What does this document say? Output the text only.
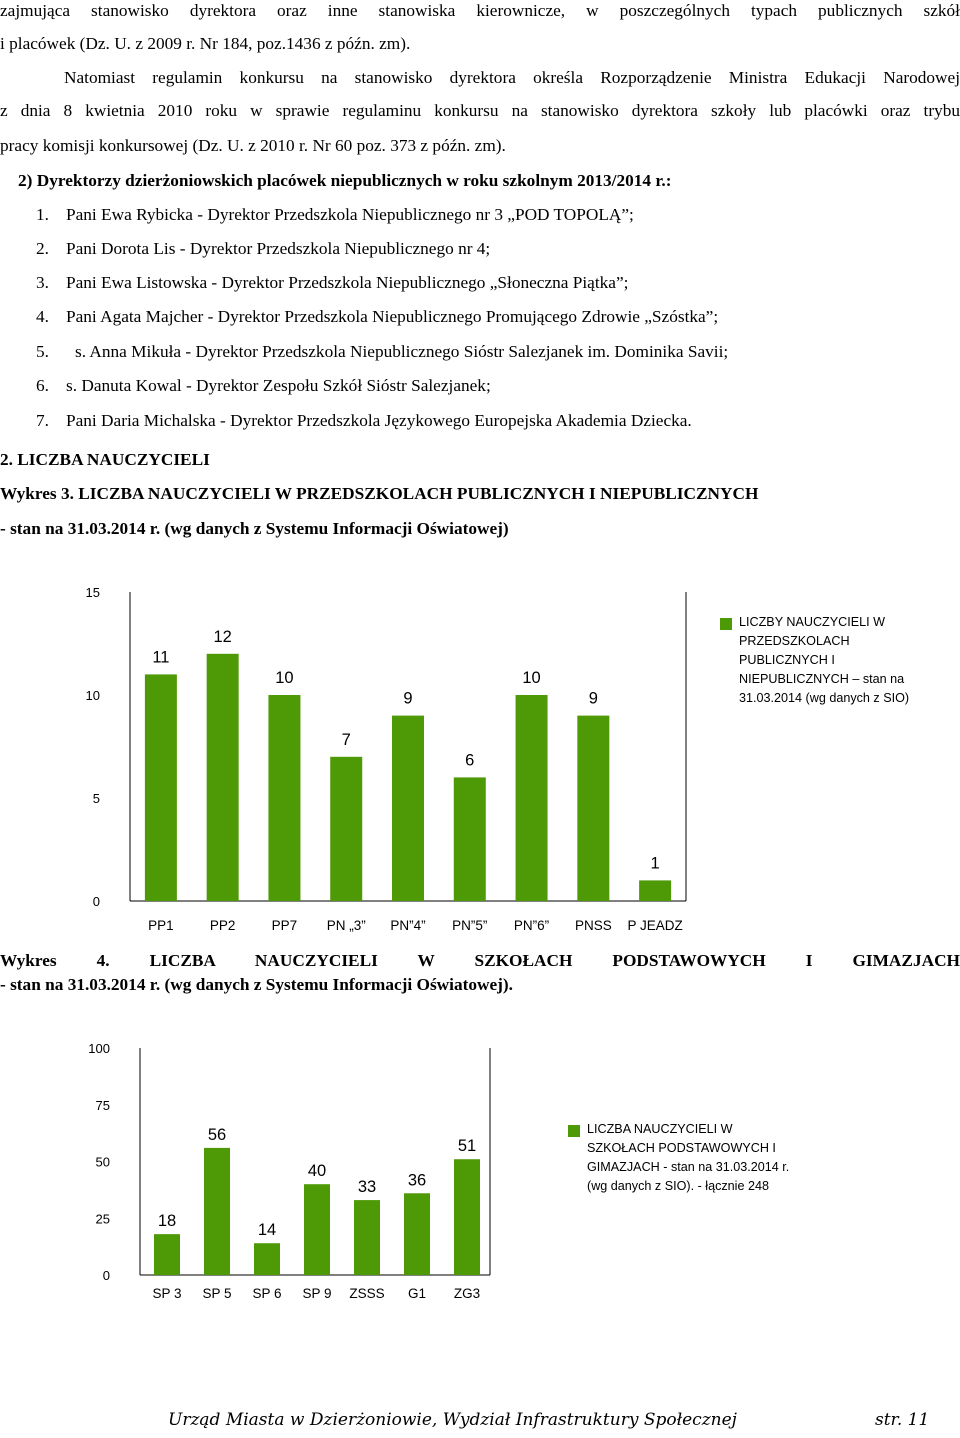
zajmująca stanowisko dyrektora oraz inne stanowiska kierownicze, w poszczególnych typach publicznych szkół
i placówek (Dz. U. z 2009 r. Nr 184, poz.1436 z późn. zm).
Natomiast regulamin konkursu na stanowisko dyrektora określa Rozporządzenie Ministra Edukacji Narodowej
z dnia 8 kwietnia 2010 roku w sprawie regulaminu konkursu na stanowisko dyrektora szkoły lub placówki oraz trybu
pracy komisji konkursowej (Dz. U. z 2010 r. Nr 60 poz. 373 z późn. zm).
2) Dyrektorzy dzierżoniowskich placówek niepublicznych w roku szkolnym 2013/2014 r.:
1. Pani Ewa Rybicka - Dyrektor Przedszkola Niepublicznego nr 3 „POD TOPOLĄ”;
2. Pani Dorota Lis - Dyrektor Przedszkola Niepublicznego nr 4;
3. Pani Ewa Listowska - Dyrektor Przedszkola Niepublicznego „Słoneczna Piątka”;
4. Pani Agata Majcher - Dyrektor Przedszkola Niepublicznego Promującego Zdrowie „Szóstka”;
5.	s. Anna Mikuła - Dyrektor Przedszkola Niepublicznego Sióstr Salezjanek im. Dominika Savii;
6. s. Danuta Kowal - Dyrektor Zespołu Szkół Sióstr Salezjanek;
7. Pani Daria Michalska - Dyrektor Przedszkola Językowego Europejska Akademia Dziecka.
2. LICZBA NAUCZYCIELI
Wykres 3. LICZBA NAUCZYCIELI W PRZEDSZKOLACH PUBLICZNYCH I NIEPUBLICZNYCH
- stan na 31.03.2014 r. (wg danych z Systemu Informacji Oświatowej)
0
5
10
15
11
PP1
12
PP2
10
PP7
7
PN „3”
9
PN”4”
6
PN”5”
10
PN”6”
9
PNSS
1
P JEADZ
LICZBY NAUCZYCIELI W PRZEDSZKOLACH PUBLICZNYCH I NIEPUBLICZNYCH – stan na 31.03.2014 (wg danych z SIO)
Wykres 4. LICZBA NAUCZYCIELI W SZKOŁACH PODSTAWOWYCH I GIMAZJACH
- stan na 31.03.2014 r. (wg danych z Systemu Informacji Oświatowej).
0
25
50
75
100
18
SP 3
56
SP 5
14
SP 6
40
SP 9
33
ZSSS
36
G1
51
ZG3
LICZBA NAUCZYCIELI W SZKOŁACH PODSTAWOWYCH I GIMAZJACH - stan na 31.03.2014 r. (wg danych z SIO). - łącznie 248
Urząd Miasta w Dzierżoniowie, Wydział Infrastruktury Społecznej	str. 11
